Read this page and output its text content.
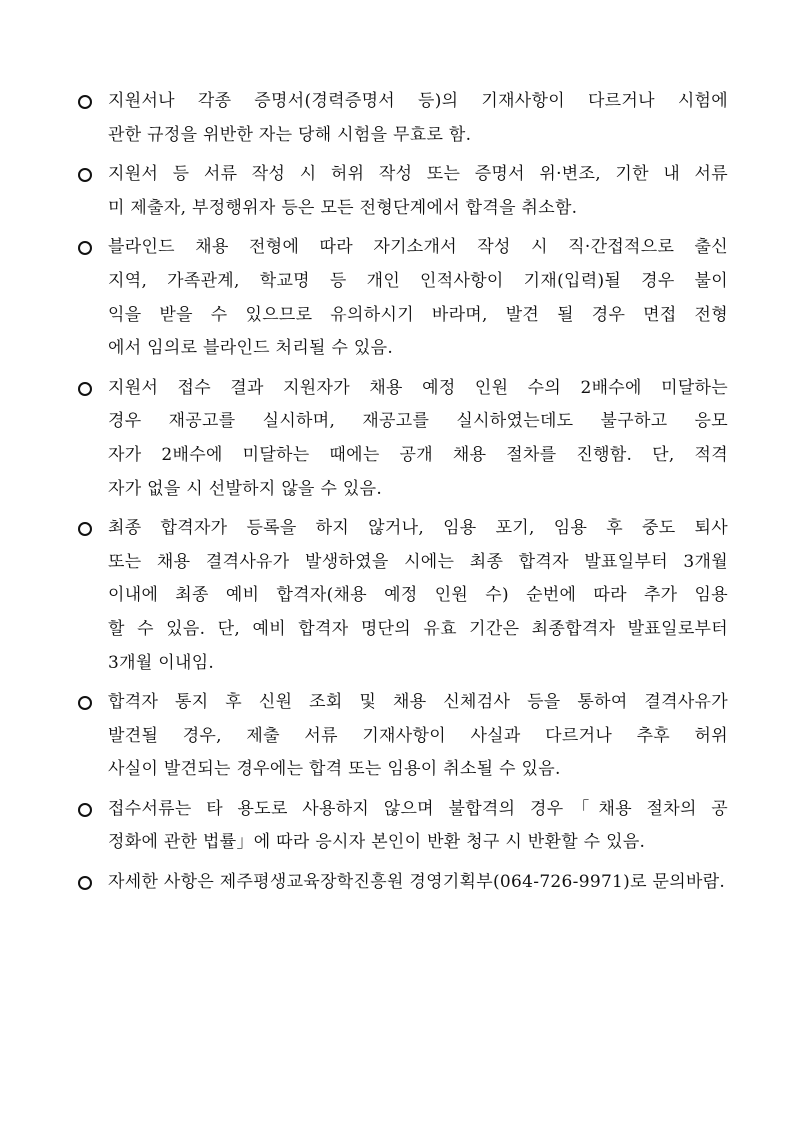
지원서나 각종 증명서(경력증명서 등)의 기재사항이 다르거나 시험에
관한 규정을 위반한 자는 당해 시험을 무효로 함.
지원서 등 서류 작성 시 허위 작성 또는 증명서 위·변조, 기한 내 서류
미 제출자, 부정행위자 등은 모든 전형단계에서 합격을 취소함.
블라인드 채용 전형에 따라 자기소개서 작성 시 직·간접적으로 출신
지역, 가족관계, 학교명 등 개인 인적사항이 기재(입력)될 경우 불이
익을 받을 수 있으므로 유의하시기 바라며, 발견 될 경우 면접 전형
에서 임의로 블라인드 처리될 수 있음.
지원서 접수 결과 지원자가 채용 예정 인원 수의 2배수에 미달하는
경우 재공고를 실시하며, 재공고를 실시하였는데도 불구하고 응모
자가 2배수에 미달하는 때에는 공개 채용 절차를 진행함. 단, 적격
자가 없을 시 선발하지 않을 수 있음.
최종 합격자가 등록을 하지 않거나, 임용 포기, 임용 후 중도 퇴사
또는 채용 결격사유가 발생하였을 시에는 최종 합격자 발표일부터 3개월
이내에 최종 예비 합격자(채용 예정 인원 수) 순번에 따라 추가 임용
할 수 있음. 단, 예비 합격자 명단의 유효 기간은 최종합격자 발표일로부터
3개월 이내임.
합격자 통지 후 신원 조회 및 채용 신체검사 등을 통하여 결격사유가
발견될 경우, 제출 서류 기재사항이 사실과 다르거나 추후 허위
사실이 발견되는 경우에는 합격 또는 임용이 취소될 수 있음.
접수서류는 타 용도로 사용하지 않으며 불합격의 경우「채용 절차의 공
정화에 관한 법률」에 따라 응시자 본인이 반환 청구 시 반환할 수 있음.
자세한 사항은 제주평생교육장학진흥원 경영기획부(064-726-9971)로 문의바람.
